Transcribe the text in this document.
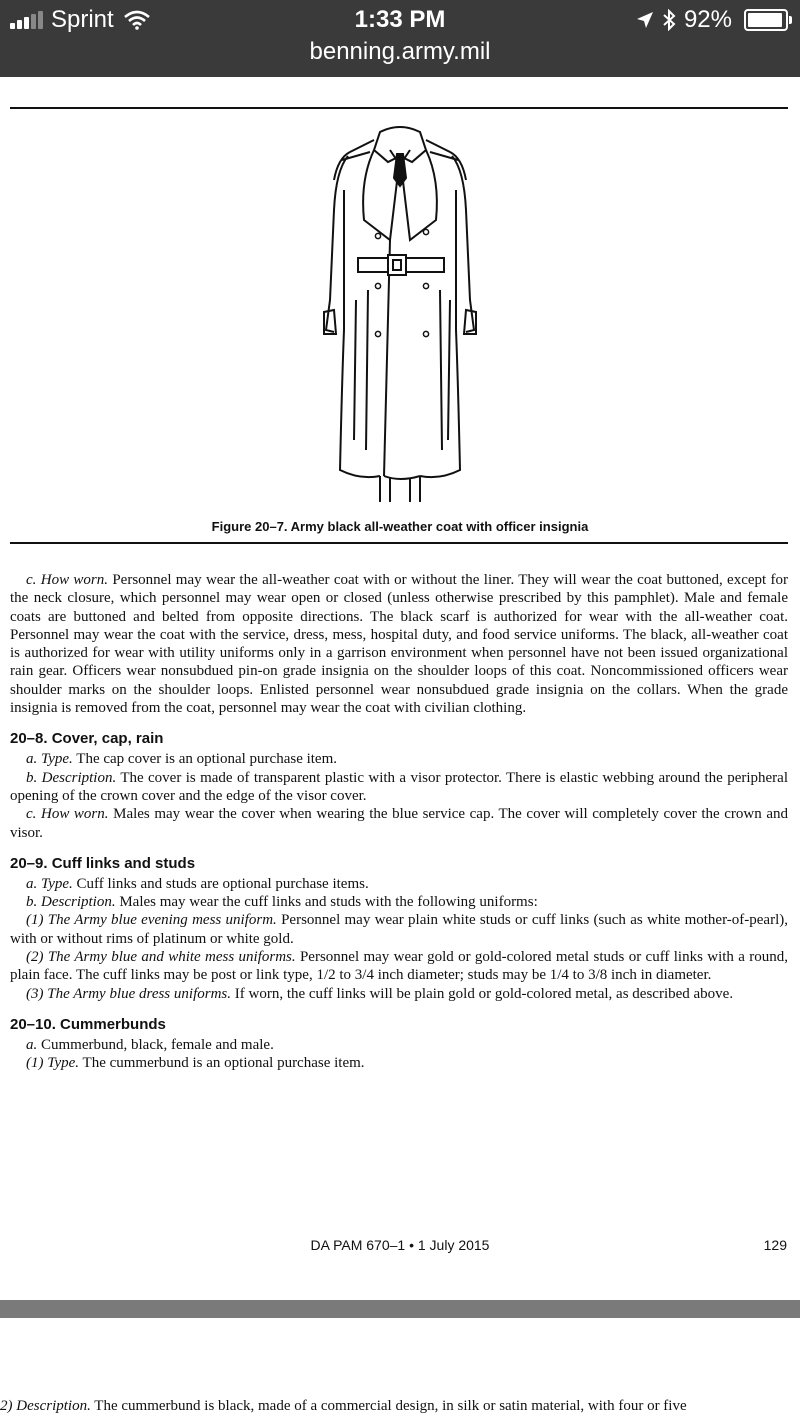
Sprint	1:33 PM	92%
benning.army.mil
Figure 20–7. Army black all-weather coat with officer insignia

c. How worn. Personnel may wear the all-weather coat with or without the liner. They will wear the coat buttoned, except for the neck closure, which personnel may wear open or closed (unless otherwise prescribed by this pamphlet). Male and female coats are buttoned and belted from opposite directions. The black scarf is authorized for wear with the all-weather coat. Personnel may wear the coat with the service, dress, mess, hospital duty, and food service uniforms. The black, all-weather coat is authorized for wear with utility uniforms only in a garrison environment when personnel have not been issued organizational rain gear. Officers wear nonsubdued pin-on grade insignia on the shoulder loops of this coat. Noncommissioned officers wear shoulder marks on the shoulder loops. Enlisted personnel wear nonsubdued grade insignia on the collars. When the grade insignia is removed from the coat, personnel may wear the coat with civilian clothing.

20–8. Cover, cap, rain

a. Type. The cap cover is an optional purchase item.

b. Description. The cover is made of transparent plastic with a visor protector. There is elastic webbing around the peripheral opening of the crown cover and the edge of the visor cover.

c. How worn. Males may wear the cover when wearing the blue service cap. The cover will completely cover the crown and visor.

20–9. Cuff links and studs

a. Type. Cuff links and studs are optional purchase items.

b. Description. Males may wear the cuff links and studs with the following uniforms:

(1) The Army blue evening mess uniform. Personnel may wear plain white studs or cuff links (such as white mother-of-pearl), with or without rims of platinum or white gold.

(2) The Army blue and white mess uniforms. Personnel may wear gold or gold-colored metal studs or cuff links with a round, plain face. The cuff links may be post or link type, 1/2 to 3/4 inch diameter; studs may be 1/4 to 3/8 inch in diameter.

(3) The Army blue dress uniforms. If worn, the cuff links will be plain gold or gold-colored metal, as described above.

20–10. Cummerbunds

a. Cummerbund, black, female and male.

(1) Type. The cummerbund is an optional purchase item.

DA PAM 670–1 • 1 July 2015	129
2) Description. The cummerbund is black, made of a commercial design, in silk or satin material, with four or five
